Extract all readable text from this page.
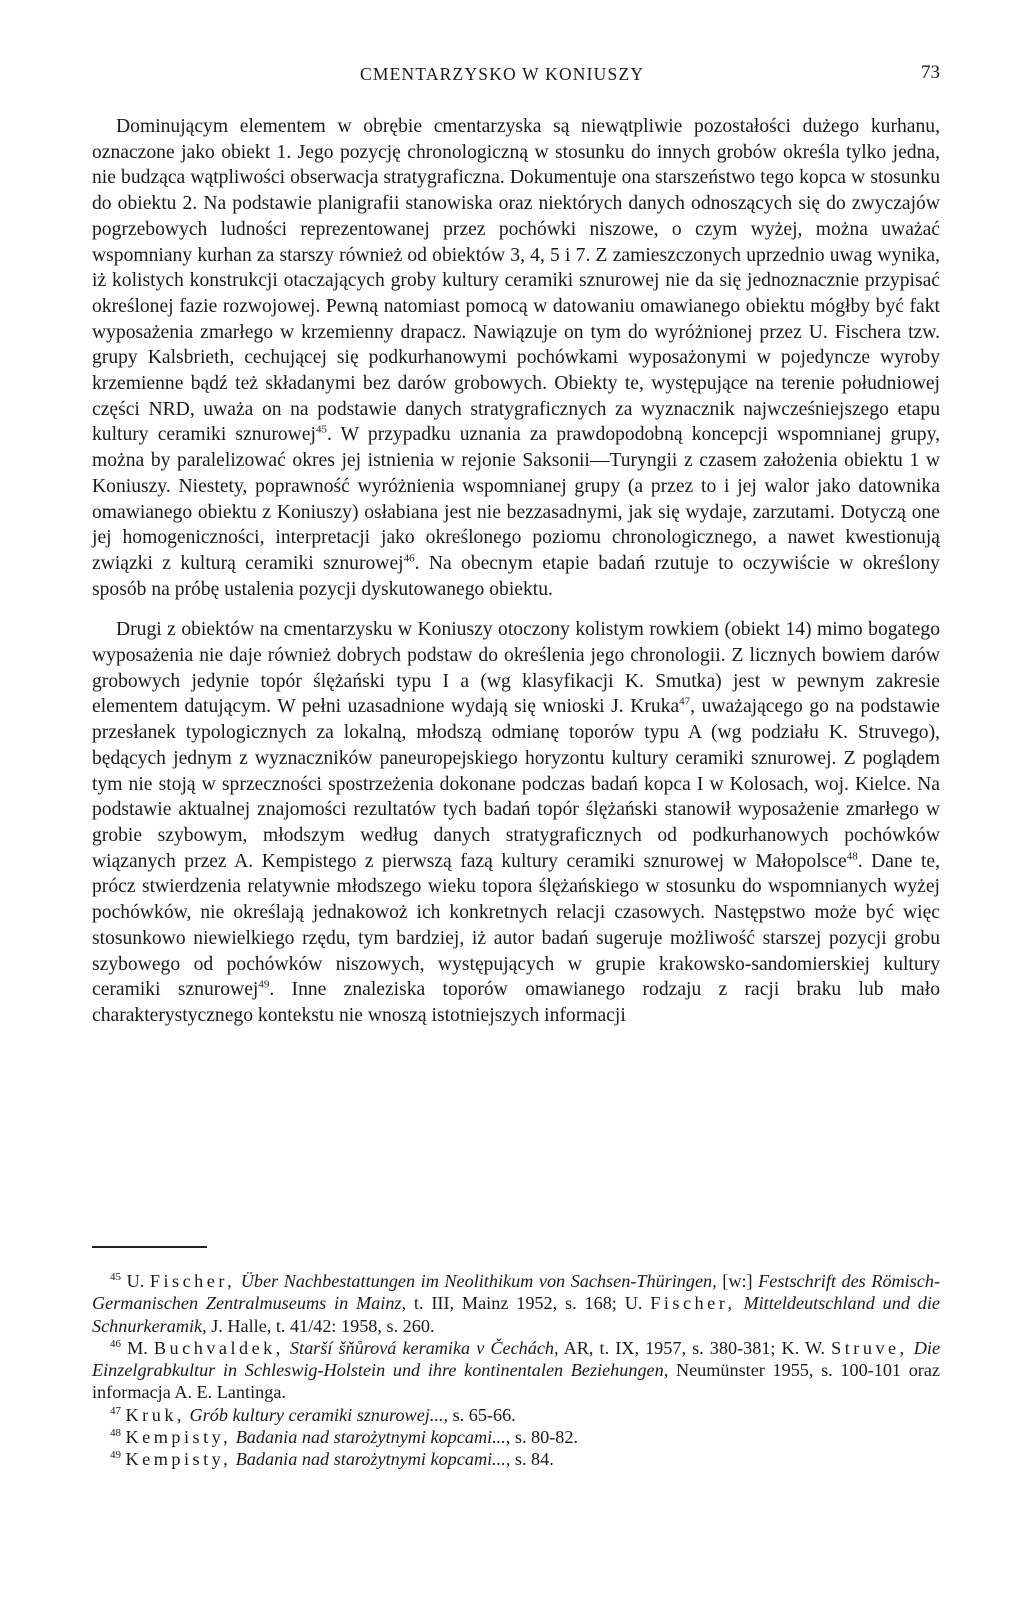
CMENTARZYSKO W KONIUSZY	73

Dominującym elementem w obrębie cmentarzyska są niewątpliwie pozostałości dużego kurhanu, oznaczone jako obiekt 1. Jego pozycję chronologiczną w stosunku do innych grobów określa tylko jedna, nie budząca wątpliwości obserwacja stratygraficzna. Dokumentuje ona starszeństwo tego kopca w stosunku do obiektu 2. Na podstawie planigrafii stanowiska oraz niektórych danych odnoszących się do zwyczajów pogrzebowych ludności reprezentowanej przez pochówki niszowe, o czym wyżej, można uważać wspomniany kurhan za starszy również od obiektów 3, 4, 5 i 7. Z zamieszczonych uprzednio uwag wynika, iż kolistych konstrukcji otaczających groby kultury ceramiki sznurowej nie da się jednoznacznie przypisać określonej fazie rozwojowej. Pewną natomiast pomocą w datowaniu omawianego obiektu mógłby być fakt wyposażenia zmarłego w krzemienny drapacz. Nawiązuje on tym do wyróżnionej przez U. Fischera tzw. grupy Kalsbrieth, cechującej się podkurhanowymi pochówkami wyposażonymi w pojedyncze wyroby krzemienne bądź też składanymi bez darów grobowych. Obiekty te, występujące na terenie południowej części NRD, uważa on na podstawie danych stratygraficznych za wyznacznik najwcześniejszego etapu kultury ceramiki sznurowej$^{45}$. W przypadku uznania za prawdopodobną koncepcji wspomnianej grupy, można by paralelizować okres jej istnienia w rejonie Saksonii—Turyngii z czasem założenia obiektu 1 w Koniuszy. Niestety, poprawność wyróżnienia wspomnianej grupy (a przez to i jej walor jako datownika omawianego obiektu z Koniuszy) osłabiana jest nie bezzasadnymi, jak się wydaje, zarzutami. Dotyczą one jej homogeniczności, interpretacji jako określonego poziomu chronologicznego, a nawet kwestionują związki z kulturą ceramiki sznurowej$^{46}$. Na obecnym etapie badań rzutuje to oczywiście w określony sposób na próbę ustalenia pozycji dyskutowanego obiektu.

Drugi z obiektów na cmentarzysku w Koniuszy otoczony kolistym rowkiem (obiekt 14) mimo bogatego wyposażenia nie daje również dobrych podstaw do określenia jego chronologii. Z licznych bowiem darów grobowych jedynie topór ślężański typu I a (wg klasyfikacji K. Smutka) jest w pewnym zakresie elementem datującym. W pełni uzasadnione wydają się wnioski J. Kruka$^{47}$, uważającego go na podstawie przesłanek typologicznych za lokalną, młodszą odmianę toporów typu A (wg podziału K. Struvego), będących jednym z wyznaczników paneuropejskiego horyzontu kultury ceramiki sznurowej. Z poglądem tym nie stoją w sprzeczności spostrzeżenia dokonane podczas badań kopca I w Kolosach, woj. Kielce. Na podstawie aktualnej znajomości rezultatów tych badań topór ślężański stanowił wyposażenie zmarłego w grobie szybowym, młodszym według danych stratygraficznych od podkurhanowych pochówków wiązanych przez A. Kempistego z pierwszą fazą kultury ceramiki sznurowej w Małopolsce$^{48}$. Dane te, prócz stwierdzenia relatywnie młodszego wieku topora ślężańskiego w stosunku do wspomnianych wyżej pochówków, nie określają jednakowoż ich konkretnych relacji czasowych. Następstwo może być więc stosunkowo niewielkiego rzędu, tym bardziej, iż autor badań sugeruje możliwość starszej pozycji grobu szybowego od pochówków niszowych, występujących w grupie krakowsko-sandomierskiej kultury ceramiki sznurowej$^{49}$. Inne znaleziska toporów omawianego rodzaju z racji braku lub mało charakterystycznego kontekstu nie wnoszą istotniejszych informacji

$^{45}$ U. Fischer, Über Nachbestattungen im Neolithikum von Sachsen-Thüringen, [w:] Festschrift des Römisch-Germanischen Zentralmuseums in Mainz, t. III, Mainz 1952, s. 168; U. Fischer, Mitteldeutschland und die Schnurkeramik, J. Halle, t. 41/42: 1958, s. 260.

$^{46}$ M. Buchvaldek, Starší šňůrová keramika v Čechách, AR, t. IX, 1957, s. 380-381; K. W. Struve, Die Einzelgrabkultur in Schleswig-Holstein und ihre kontinentalen Beziehungen, Neumünster 1955, s. 100-101 oraz informacja A. E. Lantinga.

$^{47}$ Kruk, Grób kultury ceramiki sznurowej..., s. 65-66.

$^{48}$ Kempisty, Badania nad starożytnymi kopcami..., s. 80-82.

$^{49}$ Kempisty, Badania nad starożytnymi kopcami..., s. 84.
